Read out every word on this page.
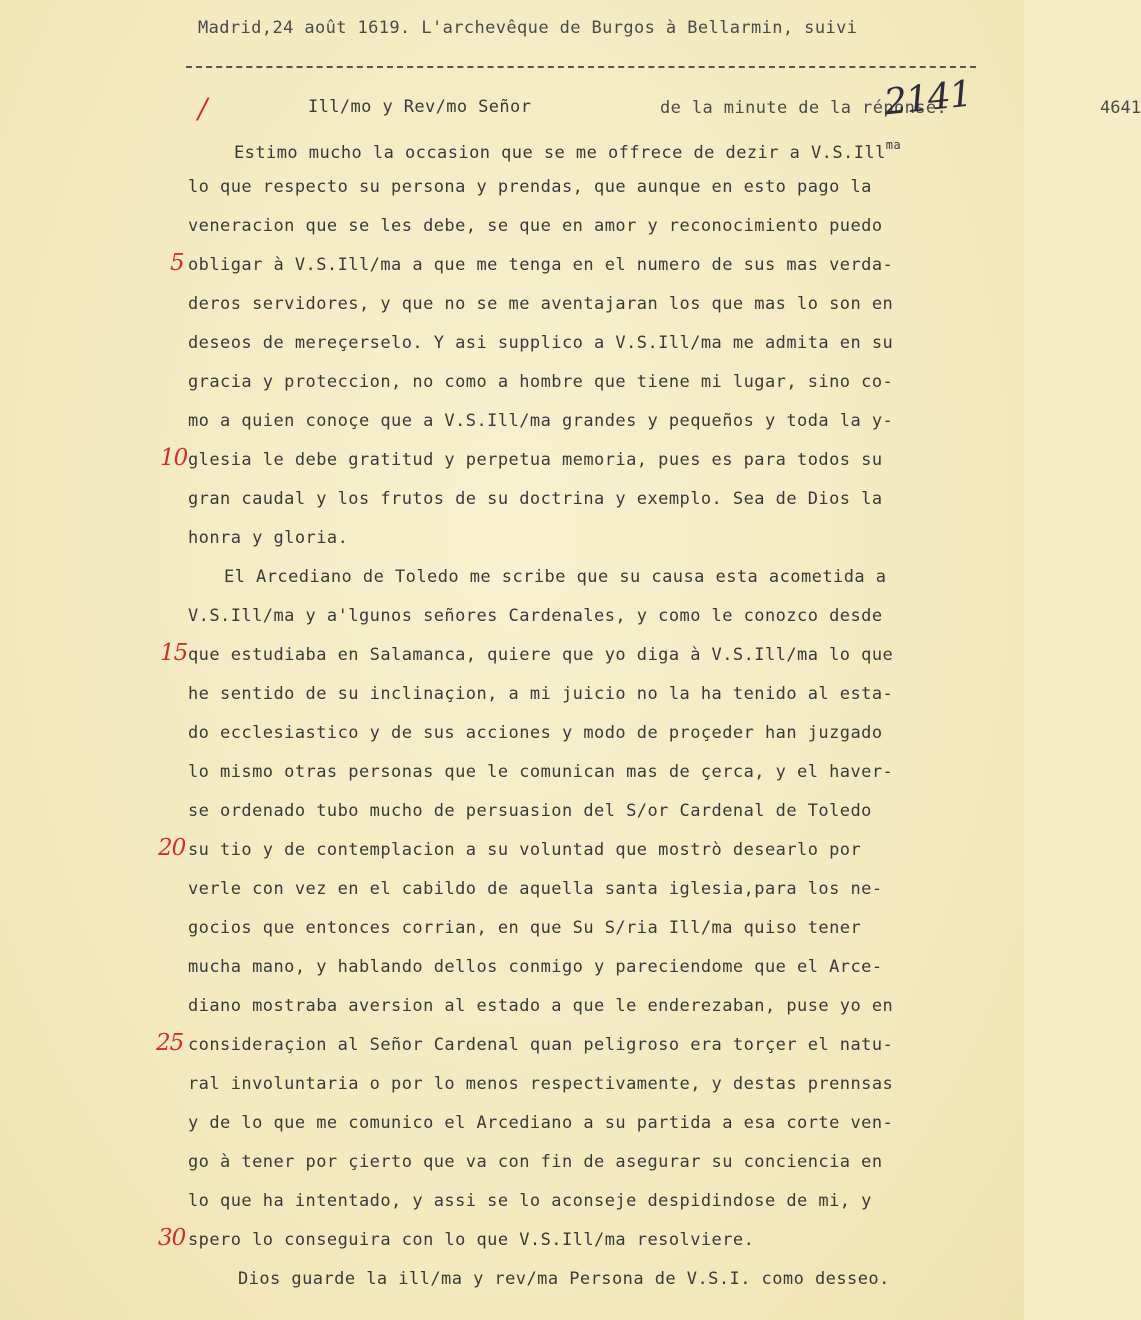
Madrid,24 août 1619. L'archevêque de Burgos à Bellarmin, suivi
de la minute de la réponse.	4641
/	Ill/mo y Rev/mo Señor	2141
Estimo mucho la occasion que se me offrece de dezir a V.S.Ill$^{ma}$
lo que respecto su persona y prendas, que aunque en esto pago la
veneracion que se les debe, se que en amor y reconocimiento puedo
obligar à V.S.Ill/ma a que me tenga en el numero de sus mas verda-
deros servidores, y que no se me aventajaran los que mas lo son en
deseos de mereçerselo. Y asi supplico a V.S.Ill/ma me admita en su
gracia y proteccion, no como a hombre que tiene mi lugar, sino co-
mo a quien conoçe que a V.S.Ill/ma grandes y pequeños y toda la y-
glesia le debe gratitud y perpetua memoria, pues es para todos su
gran caudal y los frutos de su doctrina y exemplo. Sea de Dios la
honra y gloria.
El Arcediano de Toledo me scribe que su causa esta acometida a
V.S.Ill/ma y a'lgunos señores Cardenales, y como le conozco desde
que estudiaba en Salamanca, quiere que yo diga à V.S.Ill/ma lo que
he sentido de su inclinaçion, a mi juicio no la ha tenido al esta-
do ecclesiastico y de sus acciones y modo de proçeder han juzgado
lo mismo otras personas que le comunican mas de çerca, y el haver-
se ordenado tubo mucho de persuasion del S/or Cardenal de Toledo
su tio y de contemplacion a su voluntad que mostrò desearlo por
verle con vez en el cabildo de aquella santa iglesia,para los ne-
gocios que entonces corrian, en que Su S/ria Ill/ma quiso tener
mucha mano, y hablando dellos conmigo y pareciendome que el Arce-
diano mostraba aversion al estado a que le enderezaban, puse yo en
consideraçion al Señor Cardenal quan peligroso era torçer el natu-
ral involuntaria o por lo menos respectivamente, y destas prennsas
y de lo que me comunico el Arcediano a su partida a esa corte ven-
go à tener por çierto que va con fin de asegurar su conciencia en
lo que ha intentado, y assi se lo aconseje despidindose de mi, y
spero lo conseguira con lo que V.S.Ill/ma resolviere.
Dios guarde la ill/ma y rev/ma Persona de V.S.I. como desseo.
5
10
15
20
25
30
